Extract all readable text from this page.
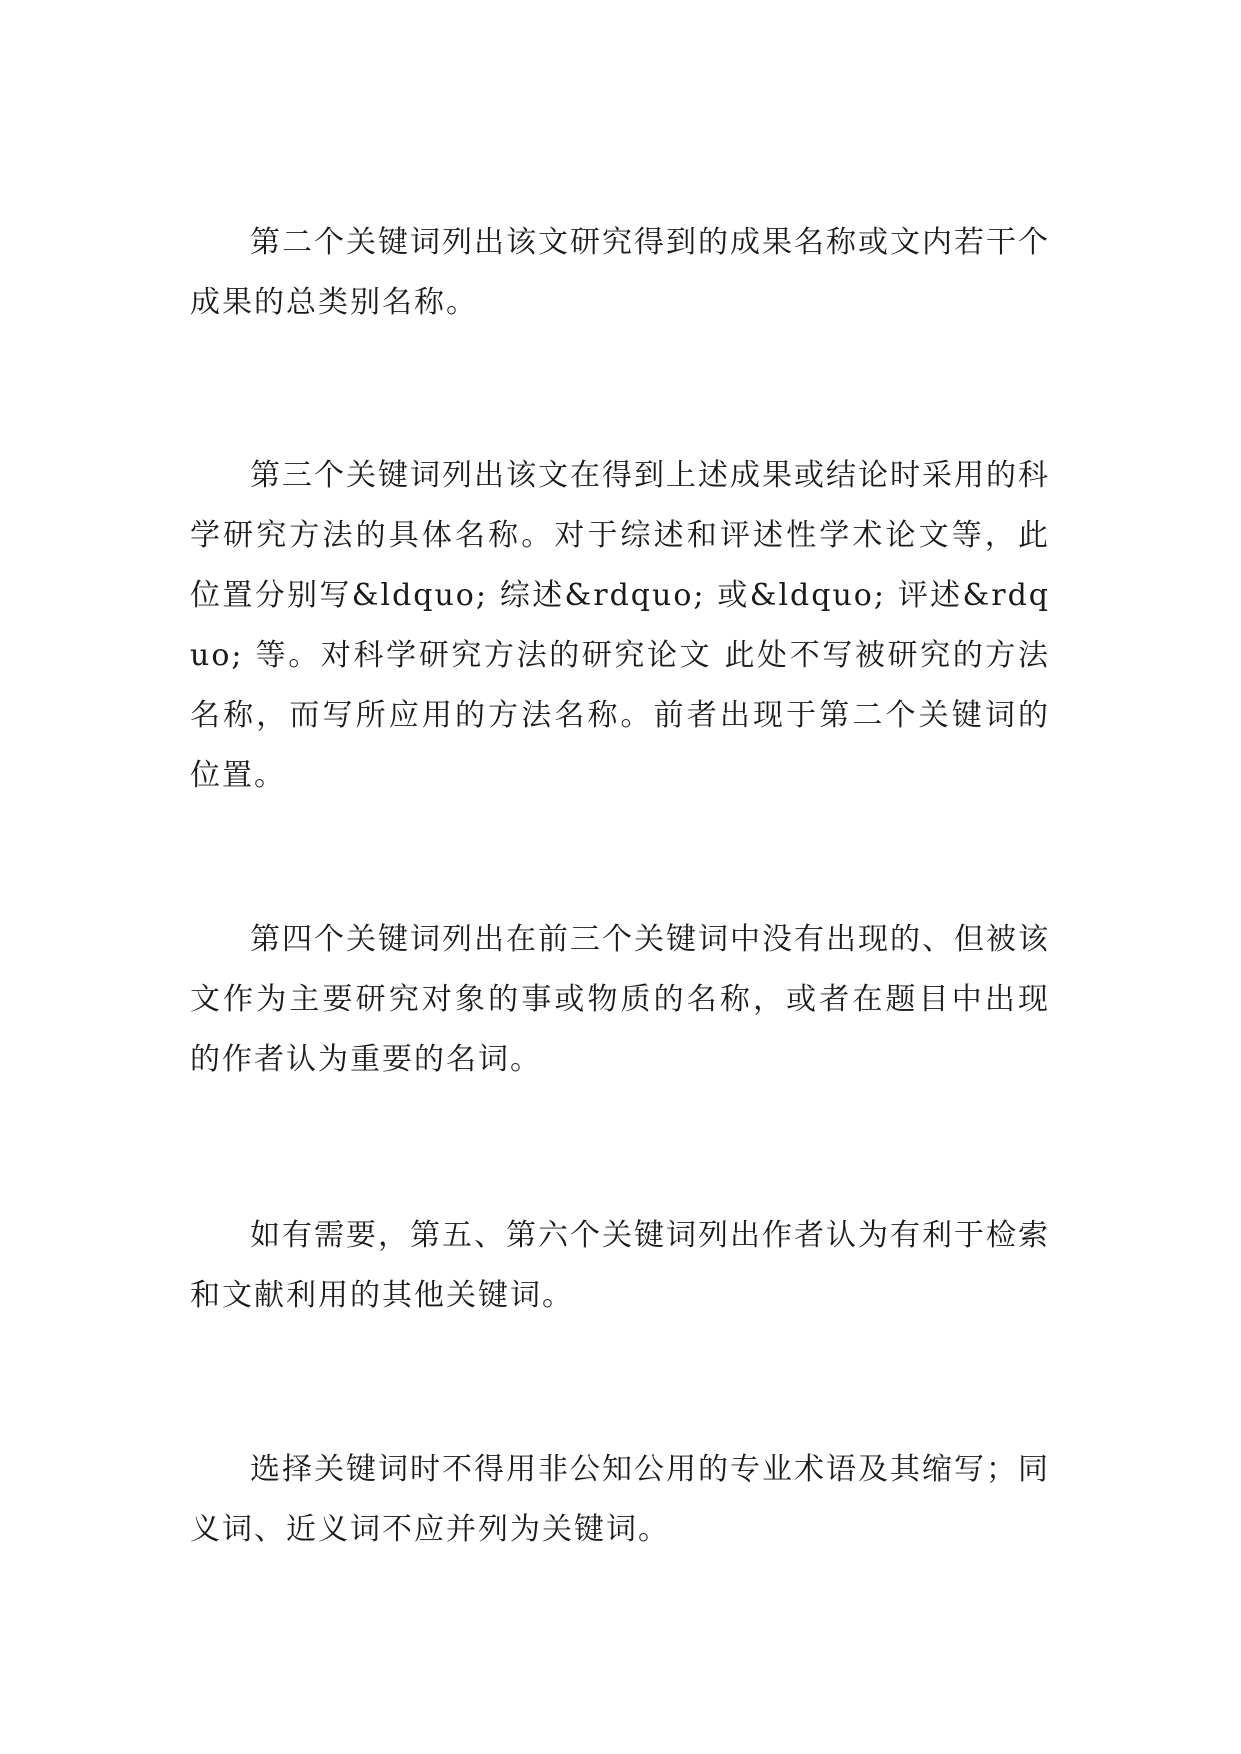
第二个关键词列出该文研究得到的成果名称或文内若干个成果的总类别名称。

第三个关键词列出该文在得到上述成果或结论时采用的科学研究方法的具体名称。对于综述和评述性学术论文等，此位置分别写&ldquo; 综述&rdquo; 或&ldquo; 评述&rdquo; 等。对科学研究方法的研究论文 此处不写被研究的方法名称，而写所应用的方法名称。前者出现于第二个关键词的位置。

第四个关键词列出在前三个关键词中没有出现的、但被该文作为主要研究对象的事或物质的名称，或者在题目中出现的作者认为重要的名词。

如有需要，第五、第六个关键词列出作者认为有利于检索和文献利用的其他关键词。

选择关键词时不得用非公知公用的专业术语及其缩写；同义词、近义词不应并列为关键词。
